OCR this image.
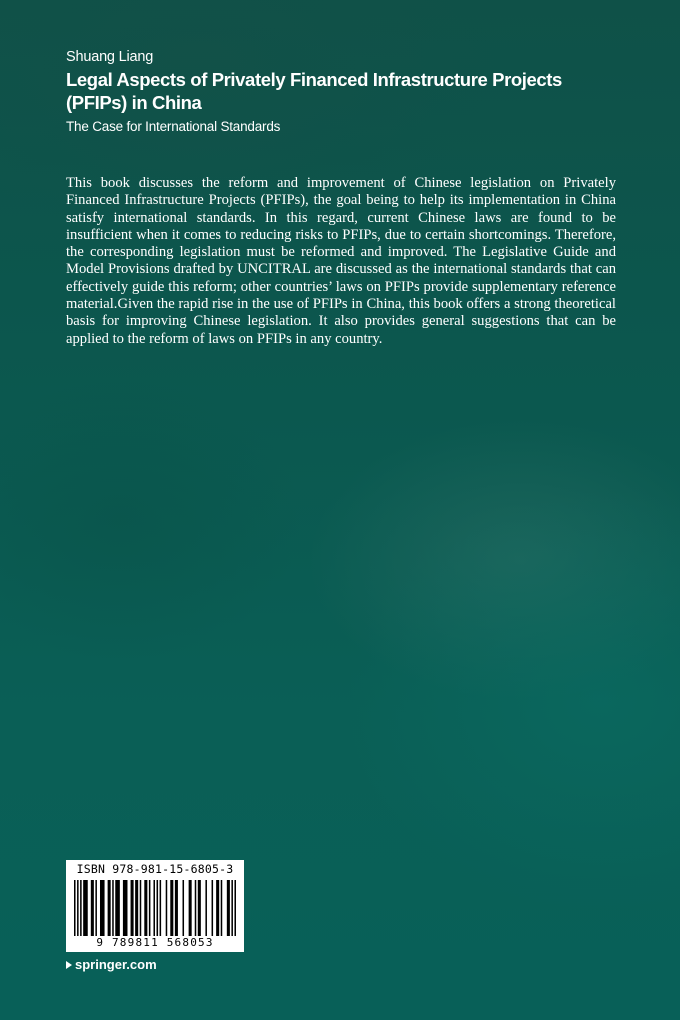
Shuang Liang
Legal Aspects of Privately Financed Infrastructure Projects (PFIPs) in China
The Case for International Standards

This book discusses the reform and improvement of Chinese legislation on Privately Financed Infrastructure Projects (PFIPs), the goal being to help its implementation in China satisfy international standards. In this regard, current Chinese laws are found to be insufficient when it comes to reducing risks to PFIPs, due to certain shortcomings. Therefore, the corresponding legislation must be reformed and improved. The Legislative Guide and Model Provisions drafted by UNCITRAL are discussed as the international standards that can effectively guide this reform; other countries’ laws on PFIPs provide supplementary reference material.Given the rapid rise in the use of PFIPs in China, this book offers a strong theoretical basis for improving Chinese legislation. It also provides general suggestions that can be applied to the reform of laws on PFIPs in any country.

ISBN 978-981-15-6805-3
9 789811 568053
springer.com
